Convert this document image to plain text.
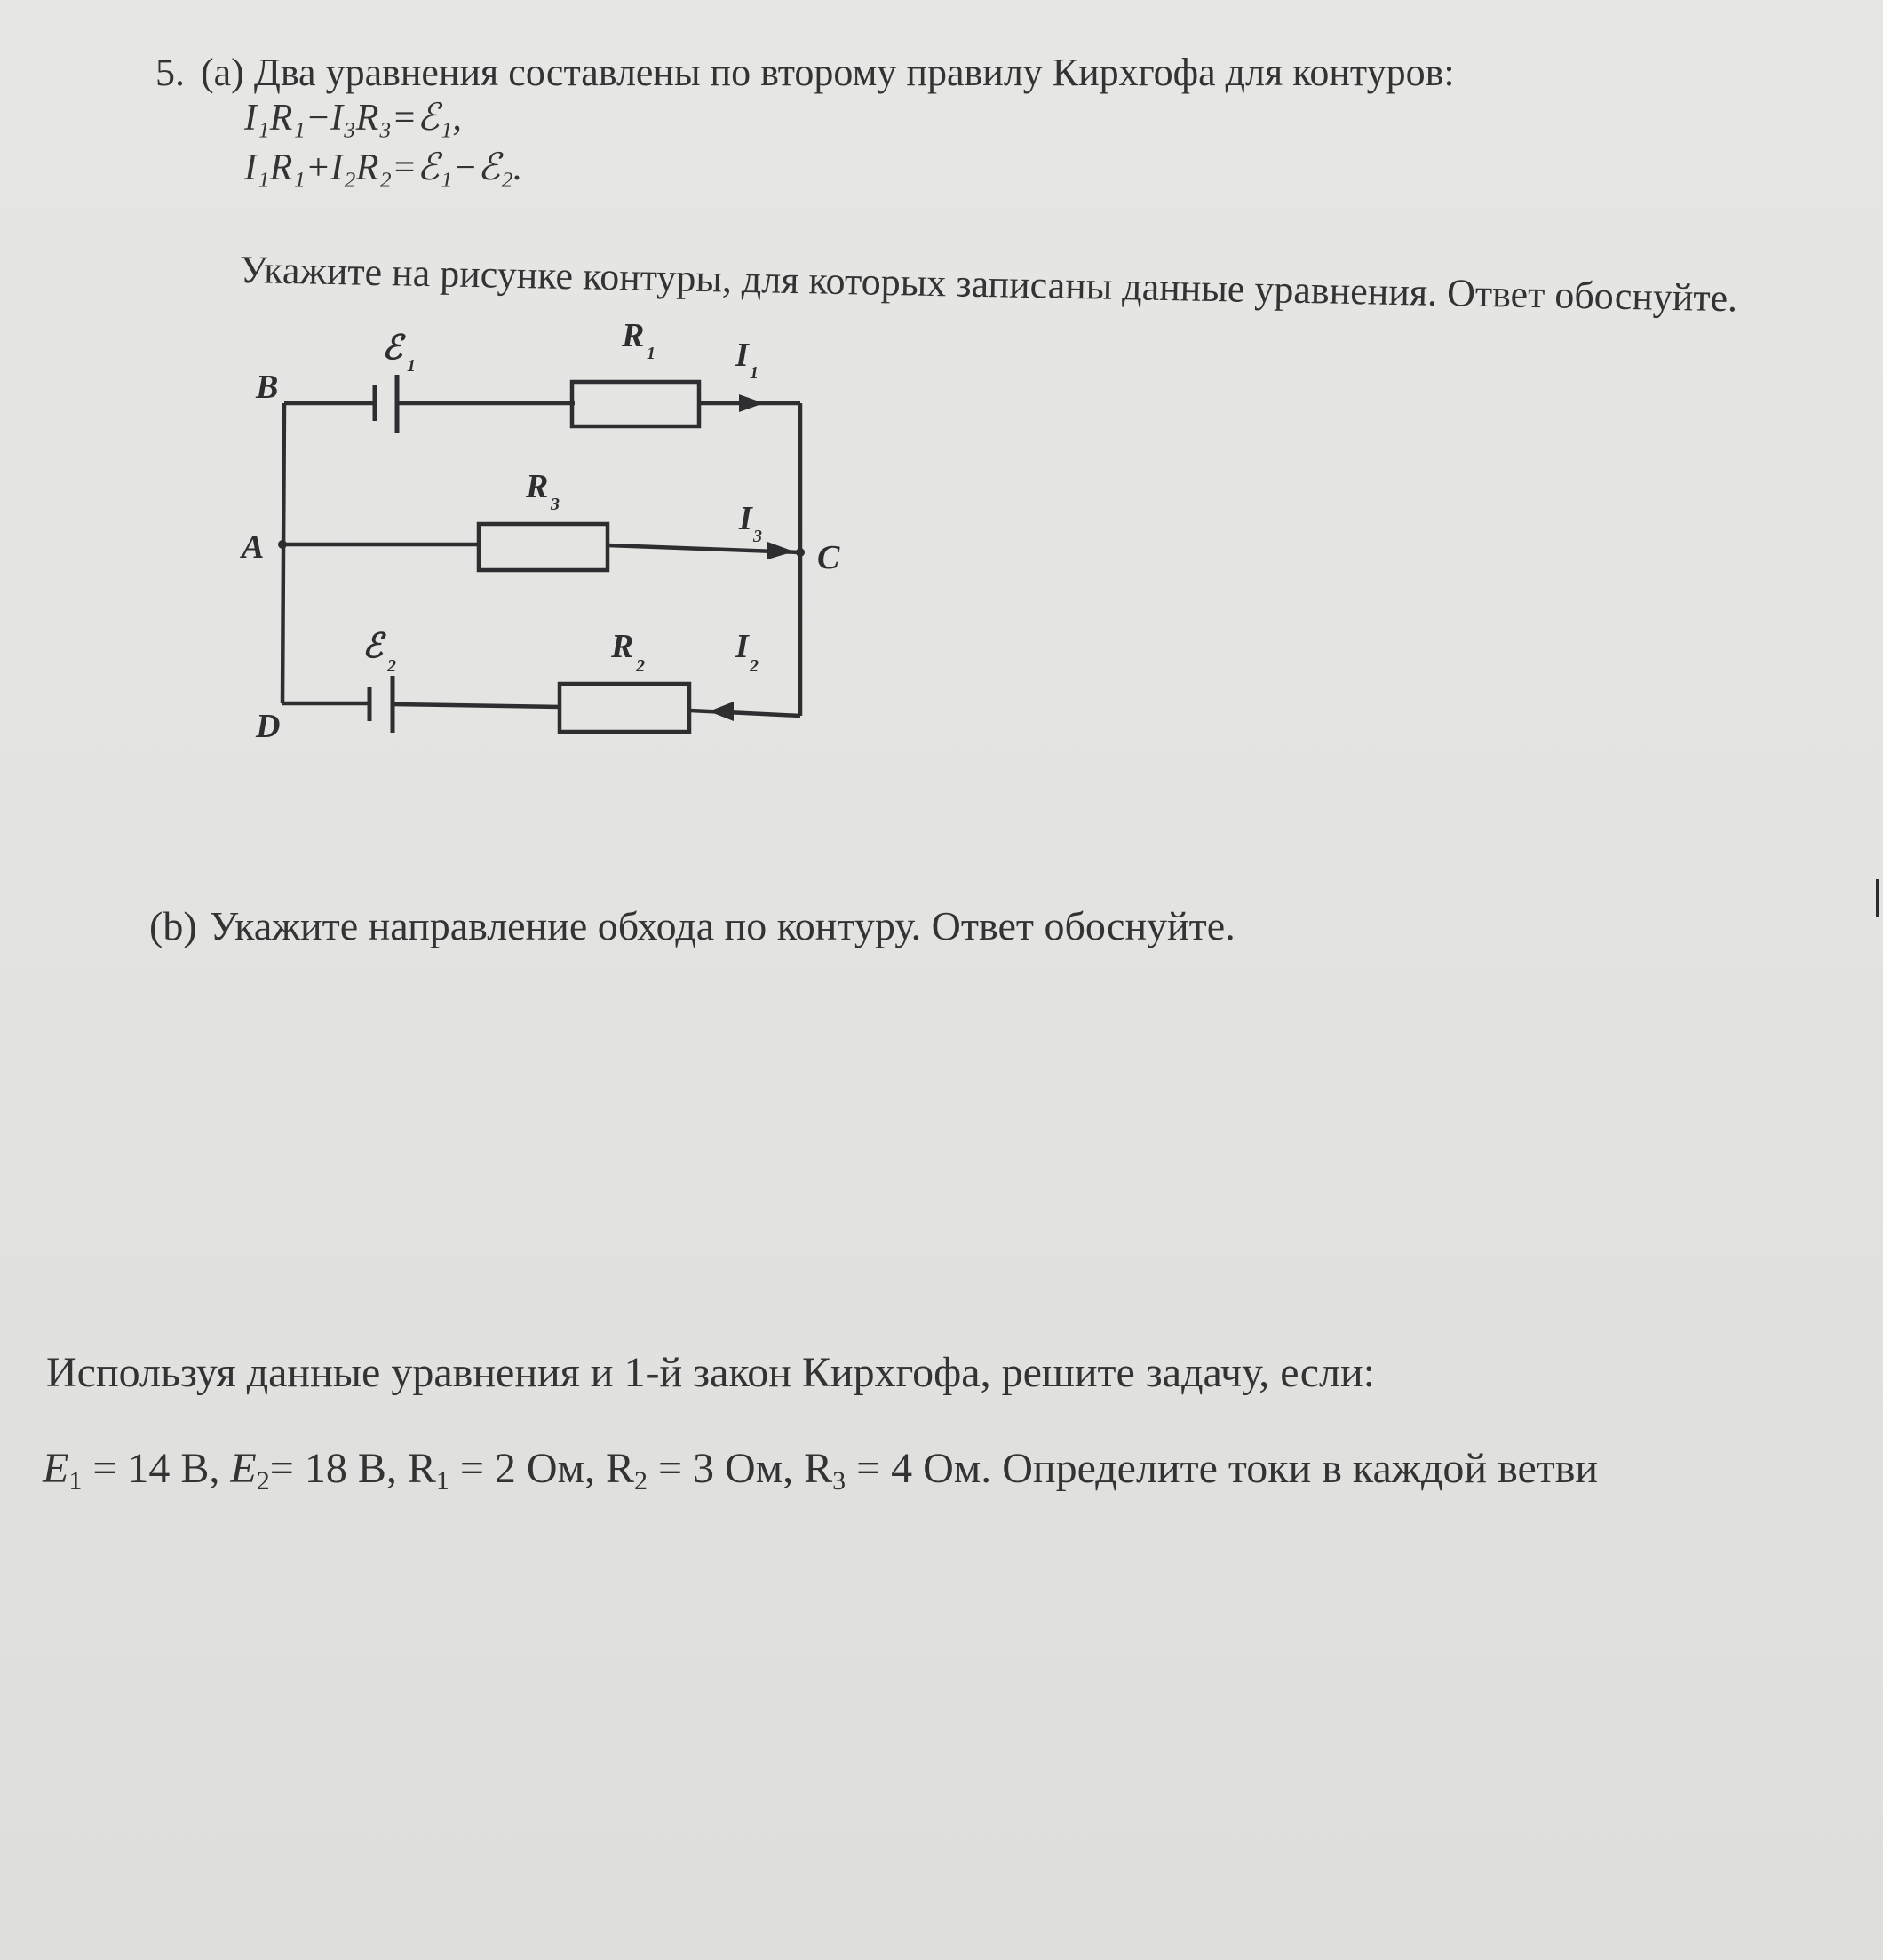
5. (а) Два уравнения составлены по второму правилу Кирхгофа для контуров:

I₁R₁−I₃R₃=ℰ₁,

I₁R₁+I₂R₂=ℰ₁−ℰ₂.

Укажите на рисунке контуры, для которых записаны данные уравнения. Ответ обоснуйте.

B
A	C
D
ℰ 1
ℰ
2
R 1
R 3
R
2
I 1
I 3
I
2

(b) Укажите направление обхода по контуру. Ответ обоснуйте.

Используя данные уравнения и 1-й закон Кирхгофа, решите задачу, если:

$E_1 = 14$ В, $E_2= 18$ В, $R_1 = 2$ Ом, $R_2 = 3$ Ом, $R_3 = 4$ Ом. Определите токи в каждой ветви
